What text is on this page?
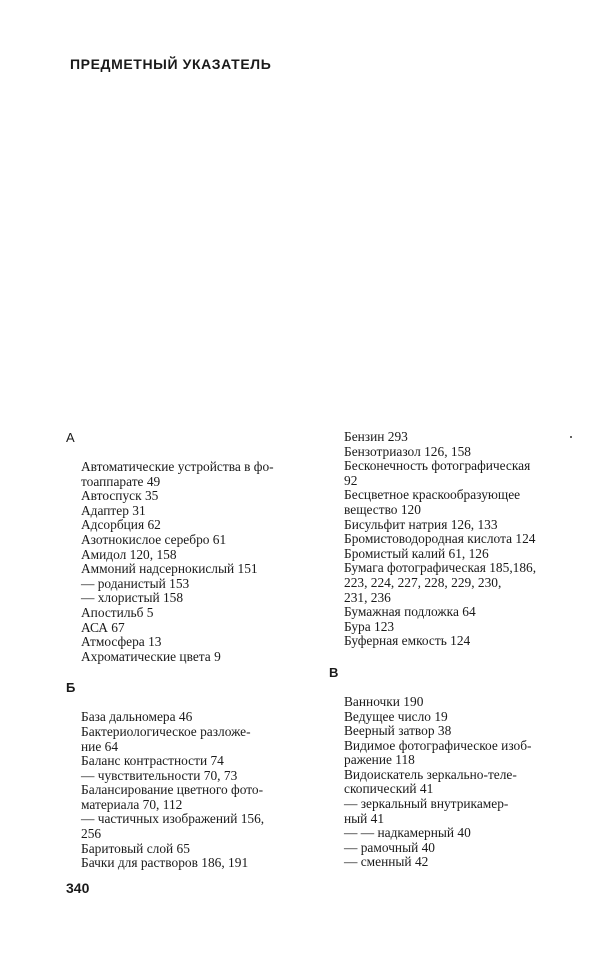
ПРЕДМЕТНЫЙ УКАЗАТЕЛЬ
А
Автоматические устройства в фо-
тоаппарате 49
Автоспуск 35
Адаптер 31
Адсорбция 62
Азотнокислое серебро 61
Амидол 120, 158
Аммоний надсернокислый 151
— роданистый 153
— хлористый 158
Апостильб 5
АСА 67
Атмосфера 13
Ахроматические цвета 9
Б
База дальномера 46
Бактериологическое разложе-
ние 64
Баланс контрастности 74
— чувствительности 70, 73
Балансирование цветного фото-
материала 70, 112
— частичных изображений 156,
256
Баритовый слой 65
Бачки для растворов 186, 191
Бензин 293
Бензотриазол 126, 158
Бесконечность фотографическая
92
Бесцветное краскообразующее
вещество 120
Бисульфит натрия 126, 133
Бромистоводородная кислота 124
Бромистый калий 61, 126
Бумага фотографическая 185,186,
223, 224, 227, 228, 229, 230,
231, 236
Бумажная подложка 64
Бура 123
Буферная емкость 124
В
Ванночки 190
Ведущее число 19
Веерный затвор 38
Видимое фотографическое изоб-
ражение 118
Видоискатель зеркально-теле-
скопический 41
— зеркальный внутрикамер-
ный 41
— — надкамерный 40
— рамочный 40
— сменный 42
340
